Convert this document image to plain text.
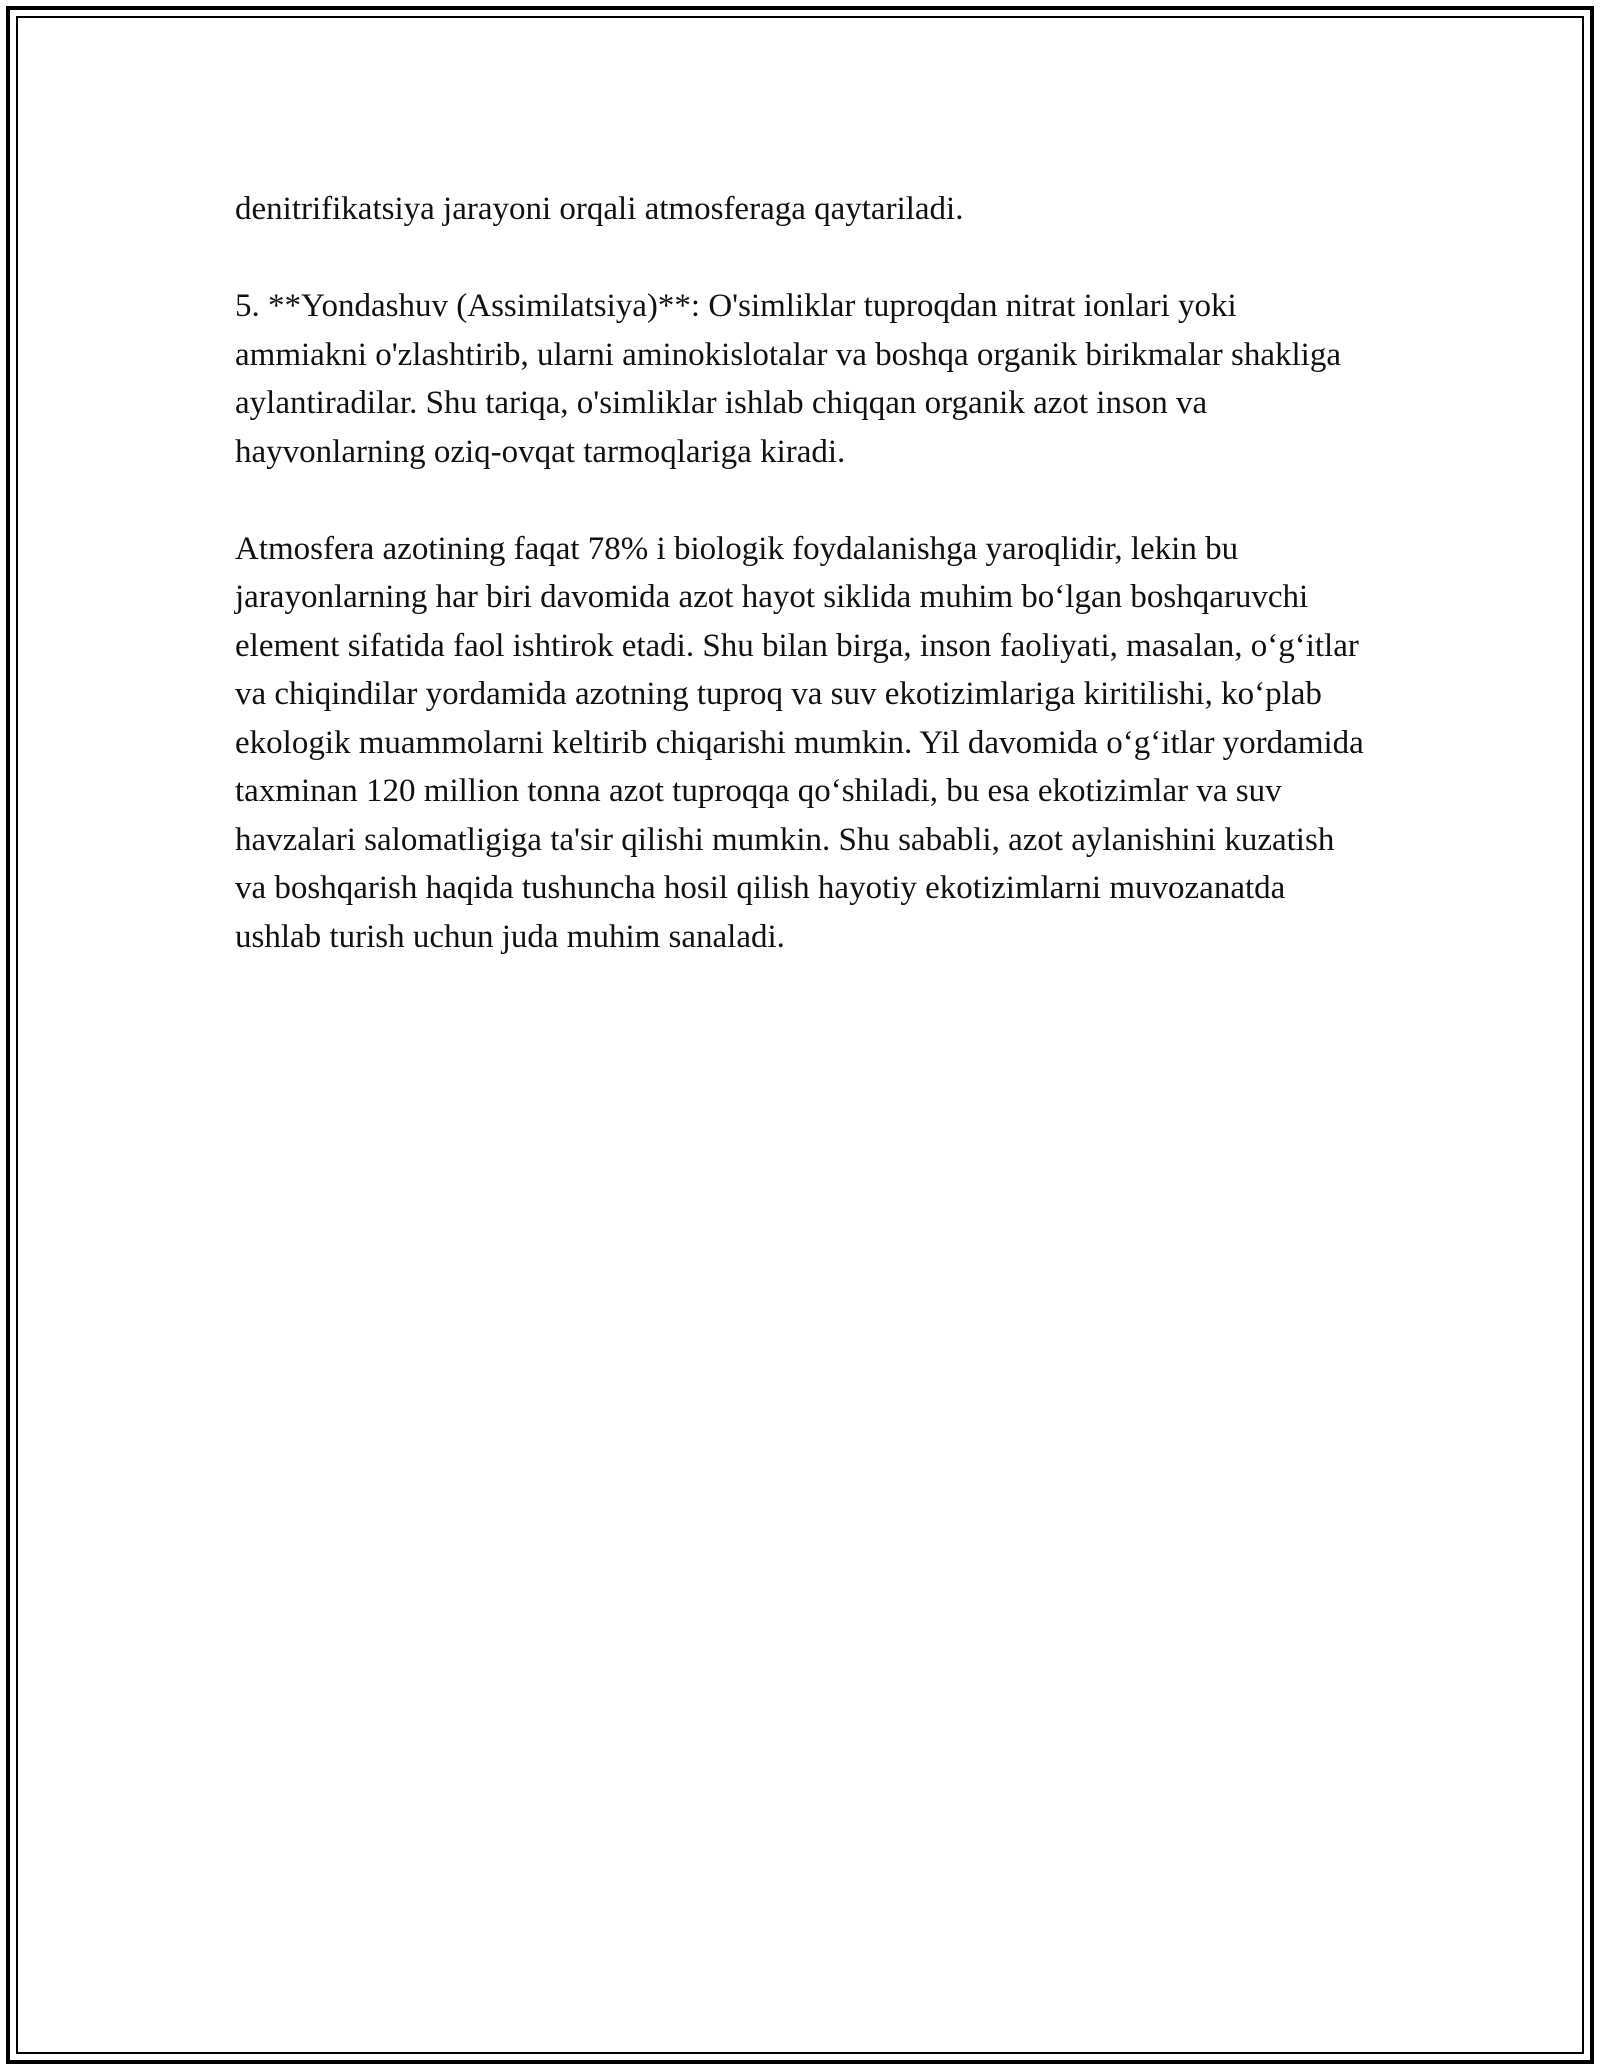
denitrifikatsiya jarayoni orqali atmosferaga qaytariladi.

5. **Yondashuv (Assimilatsiya)**: O'simliklar tuproqdan nitrat ionlari yoki ammiakni o'zlashtirib, ularni aminokislotalar va boshqa organik birikmalar shakliga aylantiradilar. Shu tariqa, o'simliklar ishlab chiqqan organik azot inson va hayvonlarning oziq-ovqat tarmoqlariga kiradi.

Atmosfera azotining faqat 78% i biologik foydalanishga yaroqlidir, lekin bu jarayonlarning har biri davomida azot hayot siklida muhim bo‘lgan boshqaruvchi element sifatida faol ishtirok etadi. Shu bilan birga, inson faoliyati, masalan, o‘g‘itlar va chiqindilar yordamida azotning tuproq va suv ekotizimlariga kiritilishi, ko‘plab ekologik muammolarni keltirib chiqarishi mumkin. Yil davomida o‘g‘itlar yordamida taxminan 120 million tonna azot tuproqqa qo‘shiladi, bu esa ekotizimlar va suv havzalari salomatligiga ta'sir qilishi mumkin. Shu sababli, azot aylanishini kuzatish va boshqarish haqida tushuncha hosil qilish hayotiy ekotizimlarni muvozanatda ushlab turish uchun juda muhim sanaladi.
